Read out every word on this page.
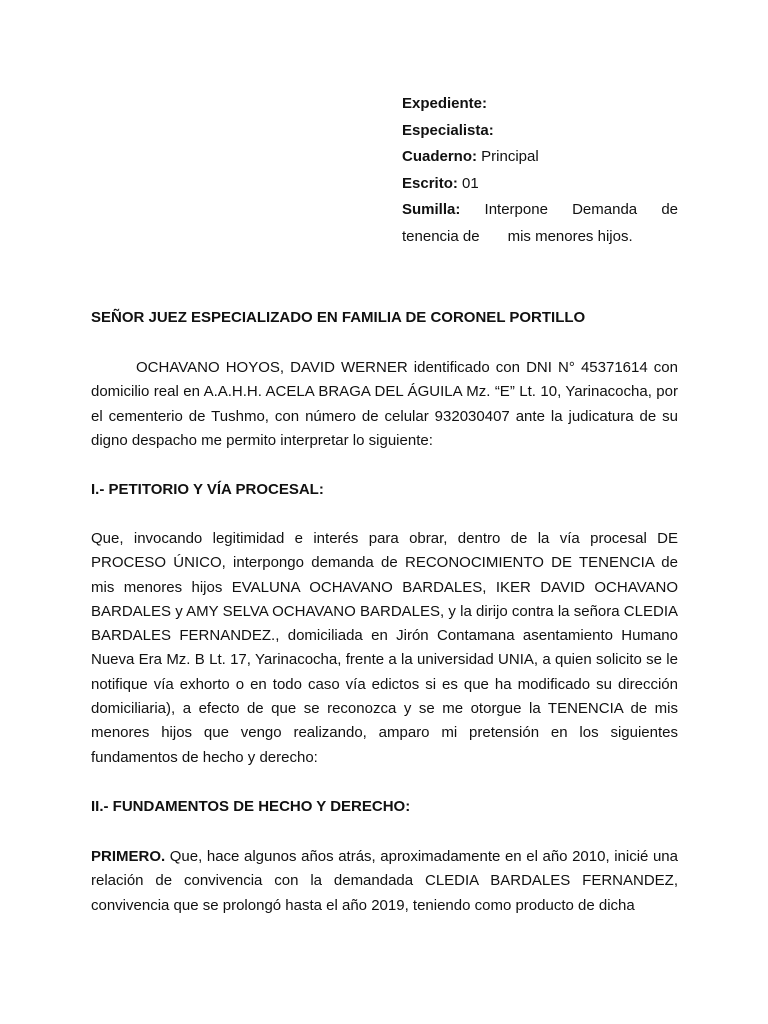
Expediente:
Especialista:
Cuaderno: Principal
Escrito: 01
Sumilla: Interpone Demanda de
tenencia de mis menores hijos.
SEÑOR JUEZ ESPECIALIZADO EN FAMILIA DE CORONEL PORTILLO
OCHAVANO HOYOS, DAVID WERNER identificado con DNI N° 45371614 con domicilio real en A.A.H.H. ACELA BRAGA DEL ÁGUILA Mz. “E” Lt. 10, Yarinacocha, por el cementerio de Tushmo, con número de celular 932030407 ante la judicatura de su digno despacho me permito interpretar lo siguiente:
I.- PETITORIO Y VÍA PROCESAL:
Que, invocando legitimidad e interés para obrar, dentro de la vía procesal DE PROCESO ÚNICO, interpongo demanda de RECONOCIMIENTO DE TENENCIA de mis menores hijos EVALUNA OCHAVANO BARDALES, IKER DAVID OCHAVANO BARDALES y AMY SELVA OCHAVANO BARDALES, y la dirijo contra la señora CLEDIA BARDALES FERNANDEZ., domiciliada en Jirón Contamana asentamiento Humano Nueva Era Mz. B Lt. 17, Yarinacocha, frente a la universidad UNIA, a quien solicito se le notifique vía exhorto o en todo caso vía edictos si es que ha modificado su dirección domiciliaria), a efecto de que se reconozca y se me otorgue la TENENCIA de mis menores hijos que vengo realizando, amparo mi pretensión en los siguientes fundamentos de hecho y derecho:
II.- FUNDAMENTOS DE HECHO Y DERECHO:
PRIMERO. Que, hace algunos años atrás, aproximadamente en el año 2010, inicié una relación de convivencia con la demandada CLEDIA BARDALES FERNANDEZ, convivencia que se prolongó hasta el año 2019, teniendo como producto de dicha
